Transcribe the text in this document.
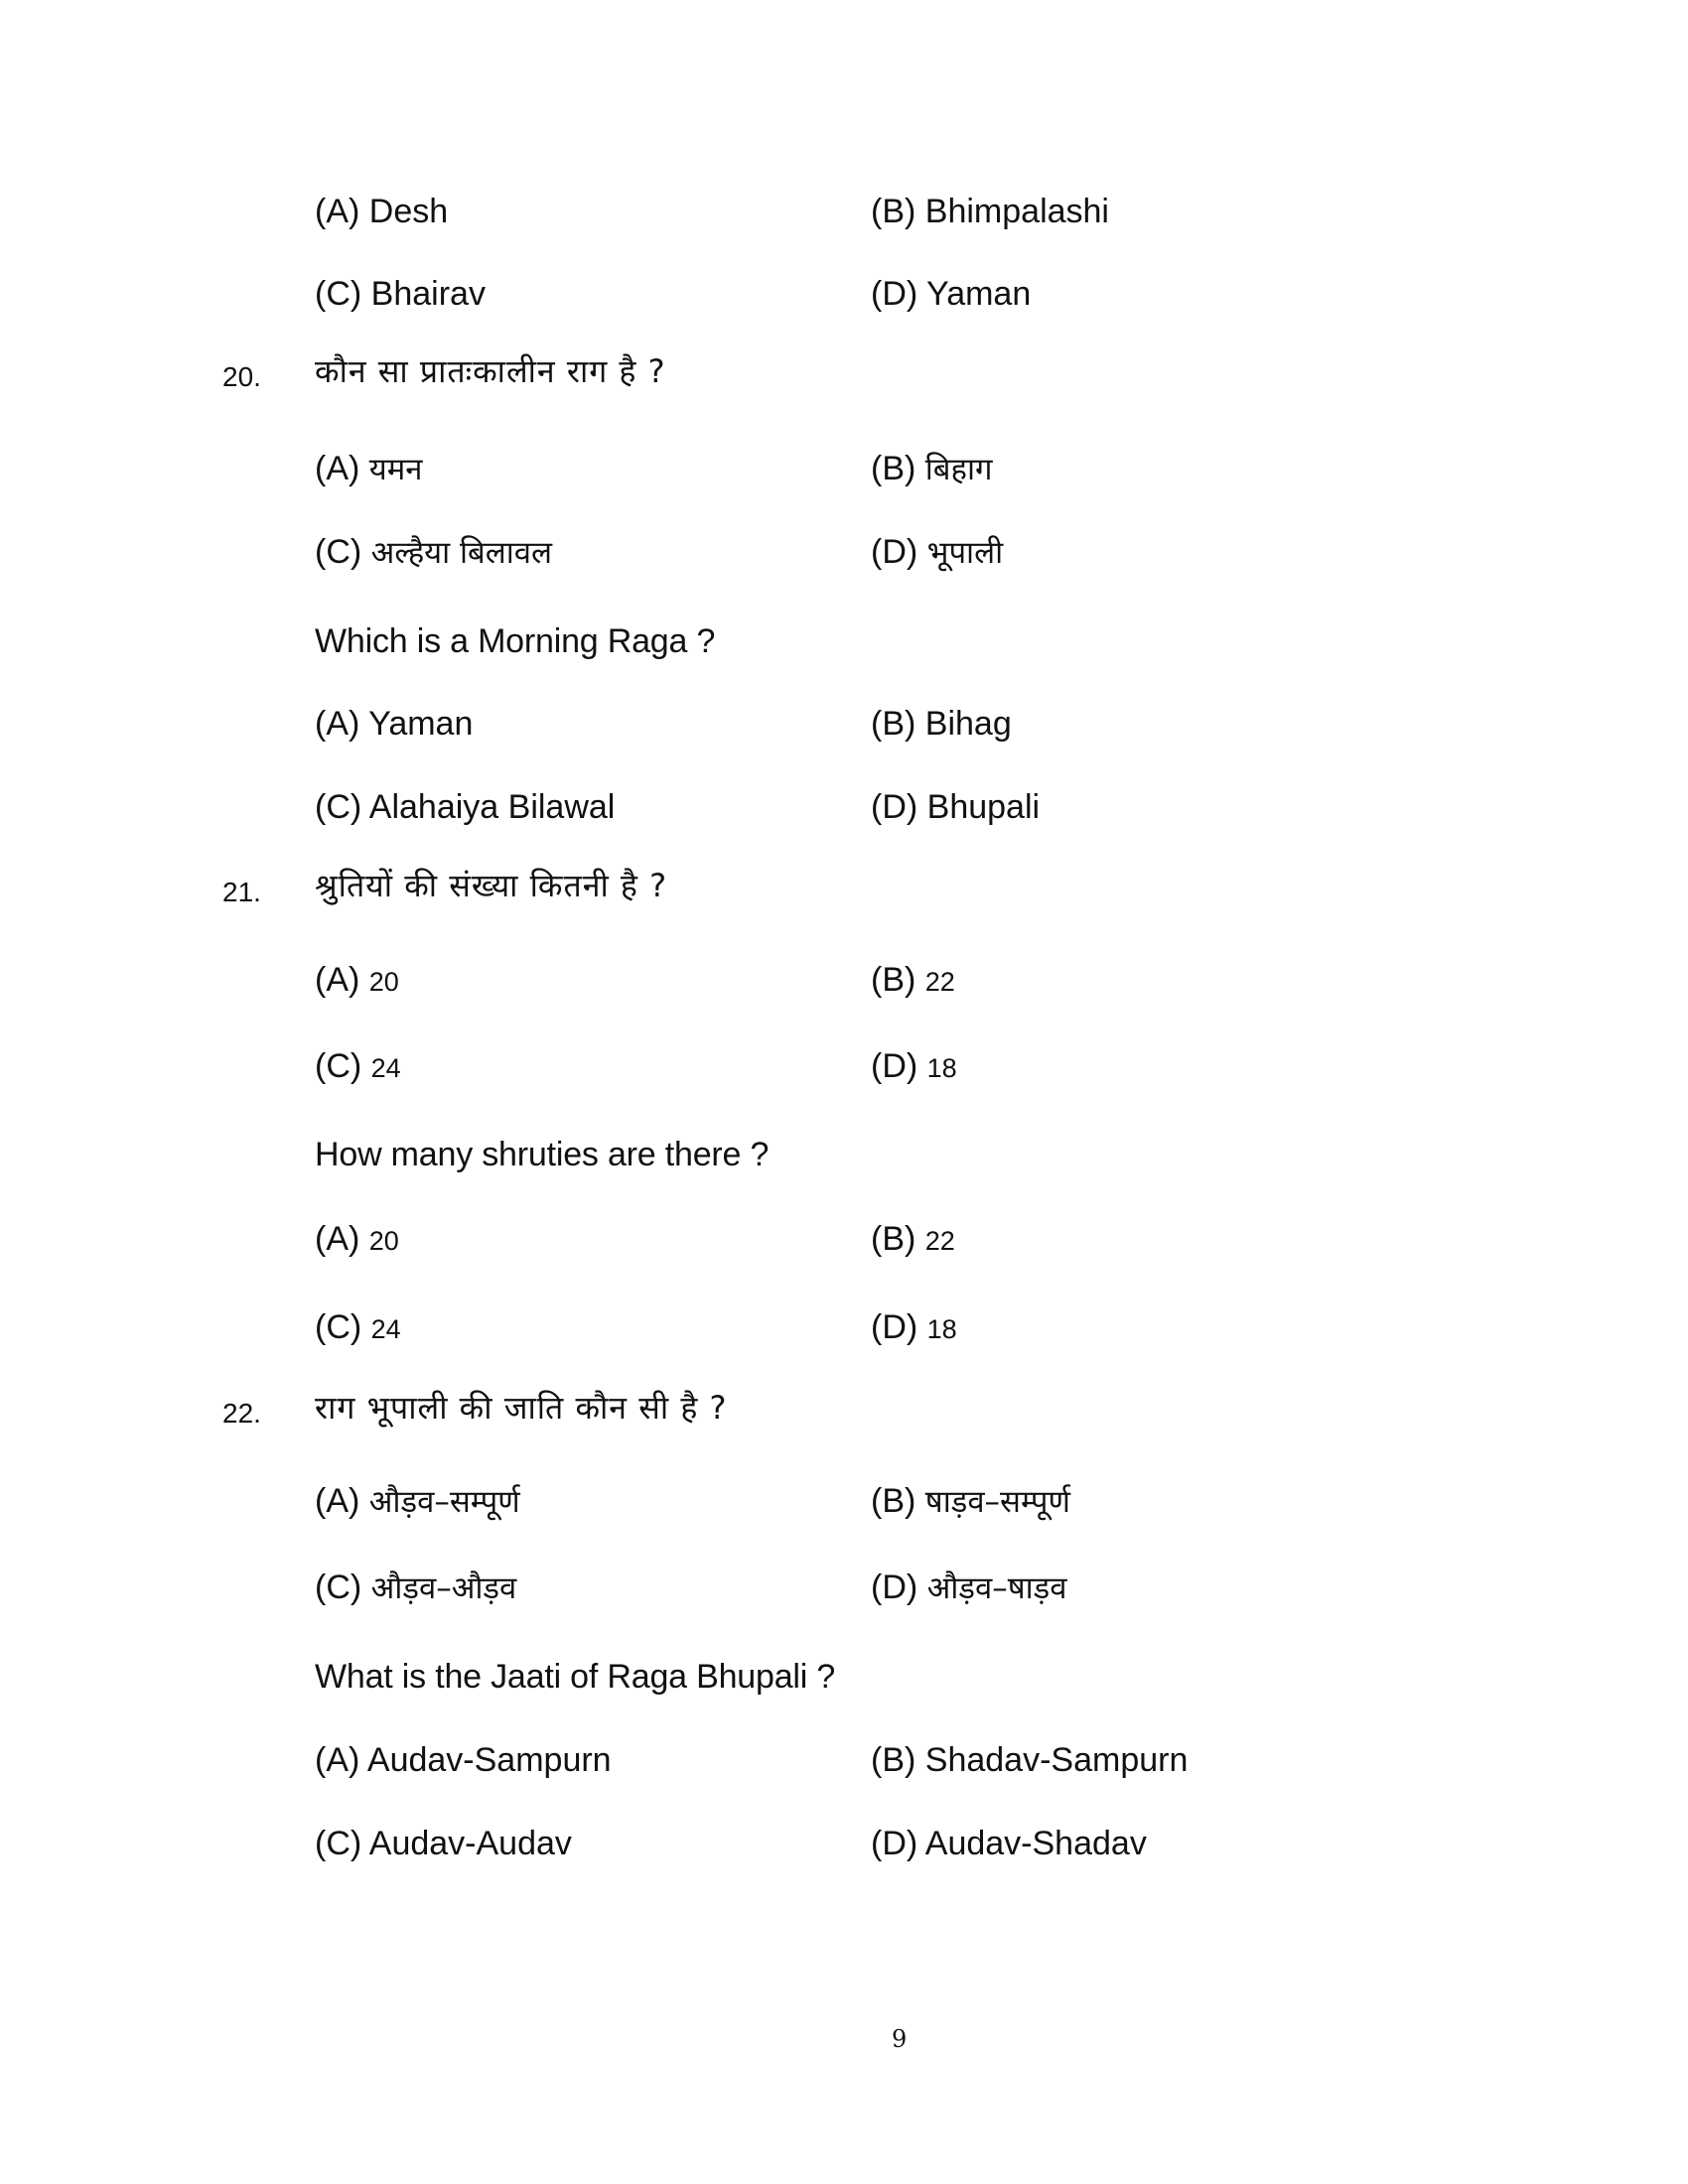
(A) Desh	(B) Bhimpalashi
(C) Bhairav	(D) Yaman
20. कौन सा प्रातःकालीन राग है ?
(A) यमन	(B) बिहाग
(C) अल्हैया बिलावल	(D) भूपाली
Which is a Morning Raga ?
(A) Yaman	(B) Bihag
(C) Alahaiya Bilawal	(D) Bhupali
21. श्रुतियों की संख्या कितनी है ?
(A) 20	(B) 22
(C) 24	(D) 18
How many shruties are there ?
(A) 20	(B) 22
(C) 24	(D) 18
22. राग भूपाली की जाति कौन सी है ?
(A) औड़व–सम्पूर्ण	(B) षाड़व–सम्पूर्ण
(C) औड़व–औड़व	(D) औड़व–षाड़व
What is the Jaati of Raga Bhupali ?
(A) Audav-Sampurn	(B) Shadav-Sampurn
(C) Audav-Audav	(D) Audav-Shadav
9
